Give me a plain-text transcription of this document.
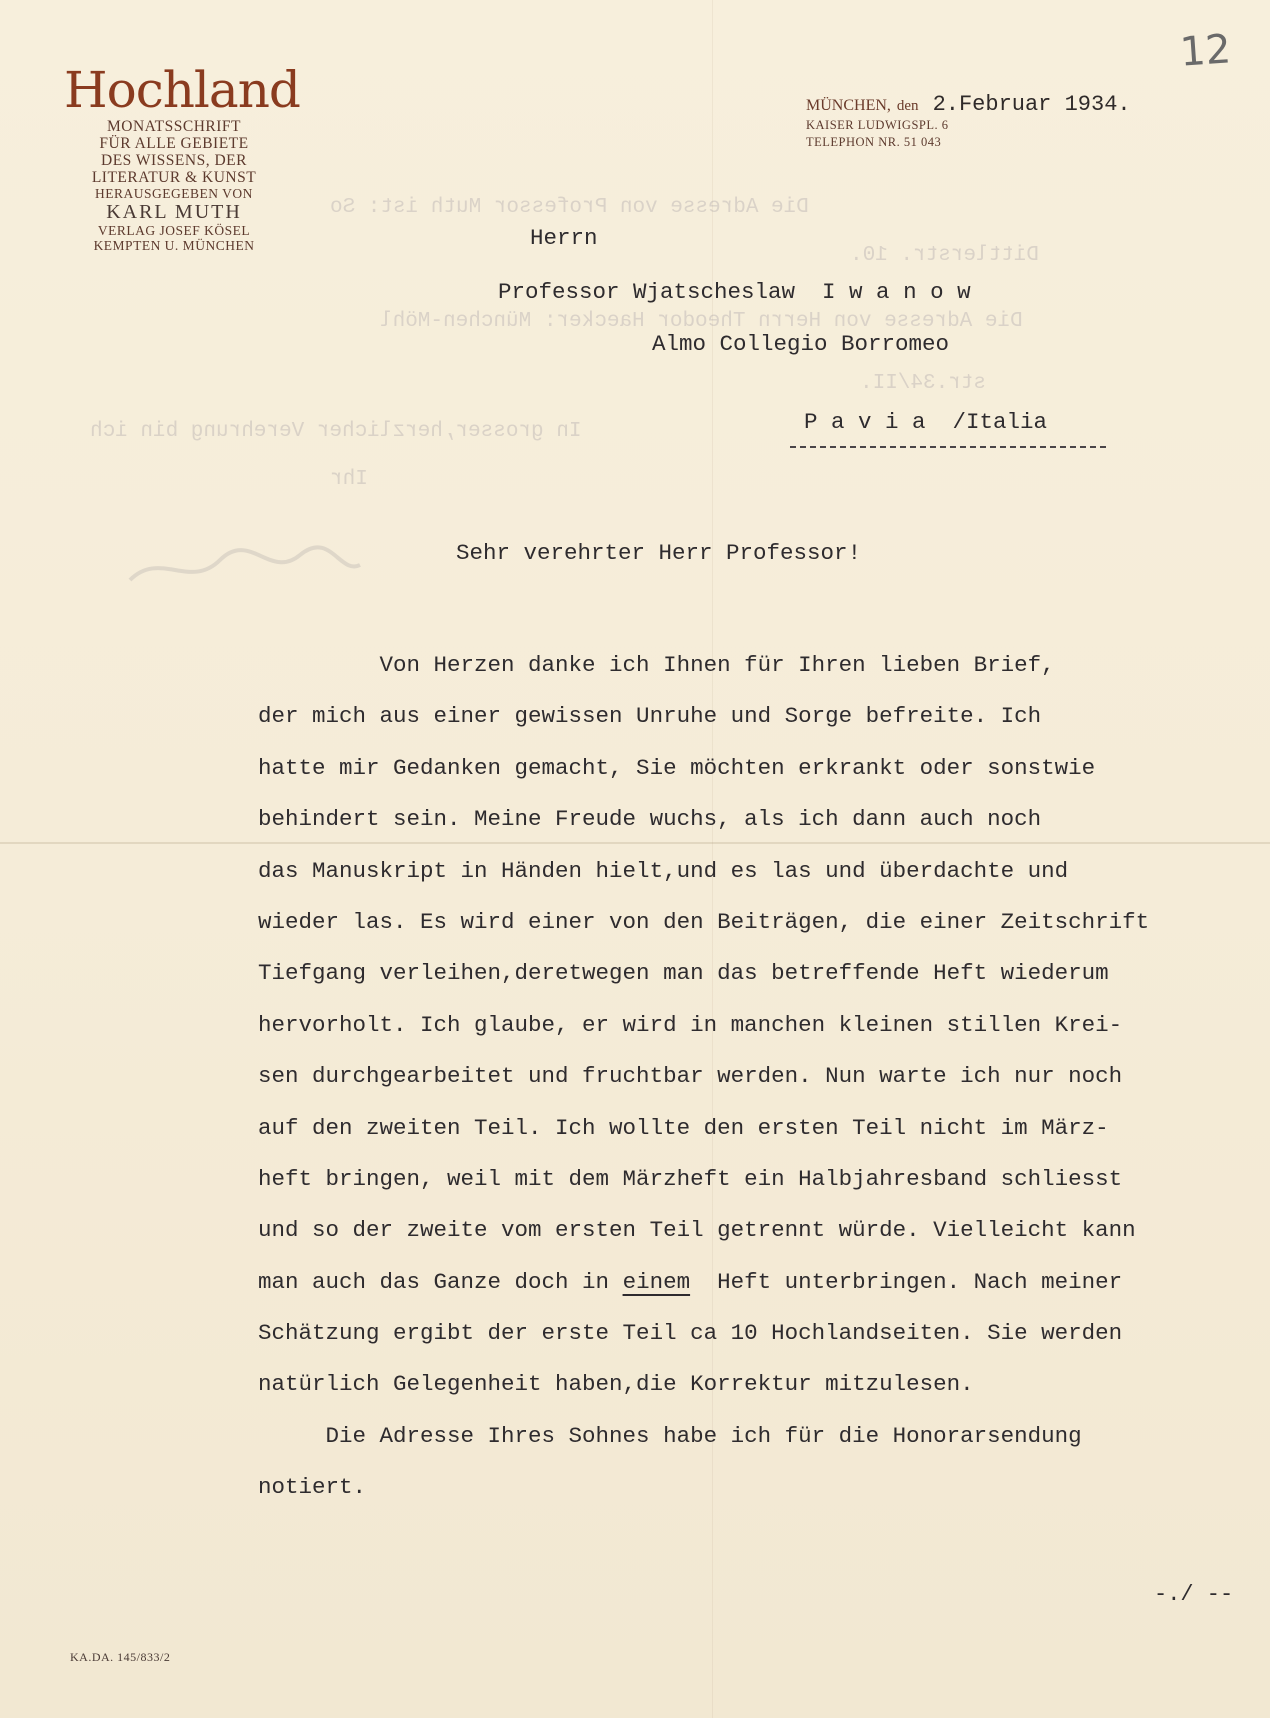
Die Adresse von Professor Muth ist: So
Dittlerstr. 10.
Die Adresse von Herrn Theodor Haecker: München-Möhl
str.34/II.
In grosser,herzlicher Verehrung bin ich
Ihr
12
Hochland
MONATSSCHRIFT
FÜR ALLE GEBIETE
DES WISSENS, DER
LITERATUR & KUNST
HERAUSGEGEBEN VON
KARL MUTH
VERLAG JOSEF KÖSEL
KEMPTEN U. MÜNCHEN
MÜNCHEN, den 2.Februar 1934.
KAISER LUDWIGSPL. 6
TELEPHON NR. 51 043
Herrn
Professor Wjatscheslaw  I w a n o w
Almo Collegio Borromeo
P a v i a  /Italia
Sehr verehrter Herr Professor!
Von Herzen danke ich Ihnen für Ihren lieben Brief,
der mich aus einer gewissen Unruhe und Sorge befreite. Ich
hatte mir Gedanken gemacht, Sie möchten erkrankt oder sonstwie
behindert sein. Meine Freude wuchs, als ich dann auch noch
das Manuskript in Händen hielt,und es las und überdachte und
wieder las. Es wird einer von den Beiträgen, die einer Zeitschrift
Tiefgang verleihen,deretwegen man das betreffende Heft wiederum
hervorholt. Ich glaube, er wird in manchen kleinen stillen Krei-
sen durchgearbeitet und fruchtbar werden. Nun warte ich nur noch
auf den zweiten Teil. Ich wollte den ersten Teil nicht im März-
heft bringen, weil mit dem Märzheft ein Halbjahresband schliesst
und so der zweite vom ersten Teil getrennt würde. Vielleicht kann
man auch das Ganze doch in einem  Heft unterbringen. Nach meiner
Schätzung ergibt der erste Teil ca 10 Hochlandseiten. Sie werden
natürlich Gelegenheit haben,die Korrektur mitzulesen.
Die Adresse Ihres Sohnes habe ich für die Honorarsendung
notiert.
-./ --
KA.DA. 145/833/2
